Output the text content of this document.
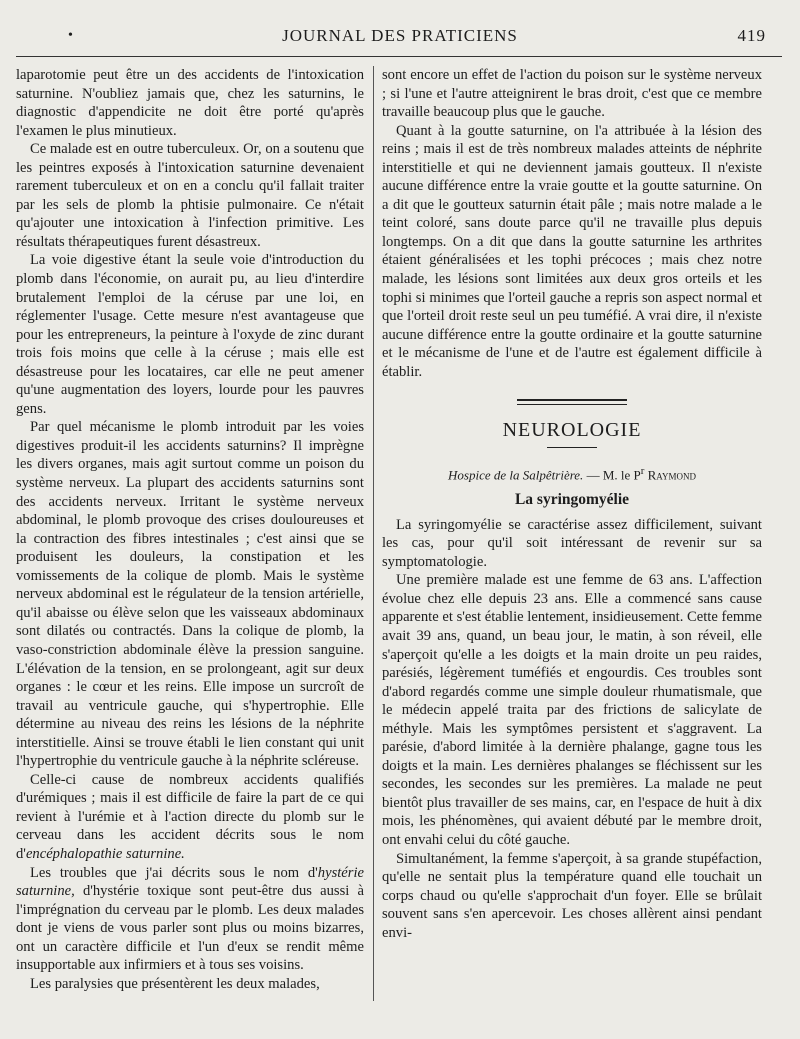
•	JOURNAL DES PRATICIENS	419

laparotomie peut être un des accidents de l'intoxication saturnine. N'oubliez jamais que, chez les saturnins, le diagnostic d'appendicite ne doit être porté qu'après l'examen le plus minutieux.

Ce malade est en outre tuberculeux. Or, on a soutenu que les peintres exposés à l'intoxication saturnine devenaient rarement tuberculeux et on en a conclu qu'il fallait traiter par les sels de plomb la phtisie pulmonaire. Ce n'était qu'ajouter une intoxication à l'infection primitive. Les résultats thérapeutiques furent désastreux.

La voie digestive étant la seule voie d'introduction du plomb dans l'économie, on aurait pu, au lieu d'interdire brutalement l'emploi de la céruse par une loi, en réglementer l'usage. Cette mesure n'est avantageuse que pour les entrepreneurs, la peinture à l'oxyde de zinc durant trois fois moins que celle à la céruse ; mais elle est désastreuse pour les locataires, car elle ne peut amener qu'une augmentation des loyers, lourde pour les pauvres gens.

Par quel mécanisme le plomb introduit par les voies digestives produit-il les accidents saturnins? Il imprègne les divers organes, mais agit surtout comme un poison du système nerveux. La plupart des accidents saturnins sont des accidents nerveux. Irritant le système nerveux abdominal, le plomb provoque des crises douloureuses et la contraction des fibres intestinales ; c'est ainsi que se produisent les douleurs, la constipation et les vomissements de la colique de plomb. Mais le système nerveux abdominal est le régulateur de la tension artérielle, qu'il abaisse ou élève selon que les vaisseaux abdominaux sont dilatés ou contractés. Dans la colique de plomb, la vaso-constriction abdominale élève la pression sanguine. L'élévation de la tension, en se prolongeant, agit sur deux organes : le cœur et les reins. Elle impose un surcroît de travail au ventricule gauche, qui s'hypertrophie. Elle détermine au niveau des reins les lésions de la néphrite interstitielle. Ainsi se trouve établi le lien constant qui unit l'hypertrophie du ventricule gauche à la néphrite scléreuse.

Celle-ci cause de nombreux accidents qualifiés d'urémiques ; mais il est difficile de faire la part de ce qui revient à l'urémie et à l'action directe du plomb sur le cerveau dans les accident décrits sous le nom d'encéphalopathie saturnine.

Les troubles que j'ai décrits sous le nom d'hystérie saturnine, d'hystérie toxique sont peut-être dus aussi à l'imprégnation du cerveau par le plomb. Les deux malades dont je viens de vous parler sont plus ou moins bizarres, ont un caractère difficile et l'un d'eux se rendit même insupportable aux infirmiers et à tous ses voisins.

Les paralysies que présentèrent les deux malades,

sont encore un effet de l'action du poison sur le système nerveux ; si l'une et l'autre atteignirent le bras droit, c'est que ce membre travaille beaucoup plus que le gauche.

Quant à la goutte saturnine, on l'a attribuée à la lésion des reins ; mais il est de très nombreux malades atteints de néphrite interstitielle et qui ne deviennent jamais goutteux. Il n'existe aucune différence entre la vraie goutte et la goutte saturnine. On a dit que le goutteux saturnin était pâle ; mais notre malade a le teint coloré, sans doute parce qu'il ne travaille plus depuis longtemps. On a dit que dans la goutte saturnine les arthrites étaient généralisées et les tophi précoces ; mais chez notre malade, les lésions sont limitées aux deux gros orteils et les tophi si minimes que l'orteil gauche a repris son aspect normal et que l'orteil droit reste seul un peu tuméfié. A vrai dire, il n'existe aucune différence entre la goutte ordinaire et la goutte saturnine et le mécanisme de l'une et de l'autre est également difficile à établir.

NEUROLOGIE
Hospice de la Salpêtrière. — M. le $P^r$ Raymond
La syringomyélie

La syringomyélie se caractérise assez difficilement, suivant les cas, pour qu'il soit intéressant de revenir sur sa symptomatologie.

Une première malade est une femme de 63 ans. L'affection évolue chez elle depuis 23 ans. Elle a commencé sans cause apparente et s'est établie lentement, insidieusement. Cette femme avait 39 ans, quand, un beau jour, le matin, à son réveil, elle s'aperçoit qu'elle a les doigts et la main droite un peu raides, parésiés, légèrement tuméfiés et engourdis. Ces troubles sont d'abord regardés comme une simple douleur rhumatismale, que le médecin appelé traita par des frictions de salicylate de méthyle. Mais les symptômes persistent et s'aggravent. La parésie, d'abord limitée à la dernière phalange, gagne tous les doigts et la main. Les dernières phalanges se fléchissent sur les secondes, les secondes sur les premières. La malade ne peut bientôt plus travailler de ses mains, car, en l'espace de huit à dix mois, les phénomènes, qui avaient débuté par le membre droit, ont envahi celui du côté gauche.

Simultanément, la femme s'aperçoit, à sa grande stupéfaction, qu'elle ne sentait plus la température quand elle touchait un corps chaud ou qu'elle s'approchait d'un foyer. Elle se brûlait souvent sans s'en apercevoir. Les choses allèrent ainsi pendant envi-
